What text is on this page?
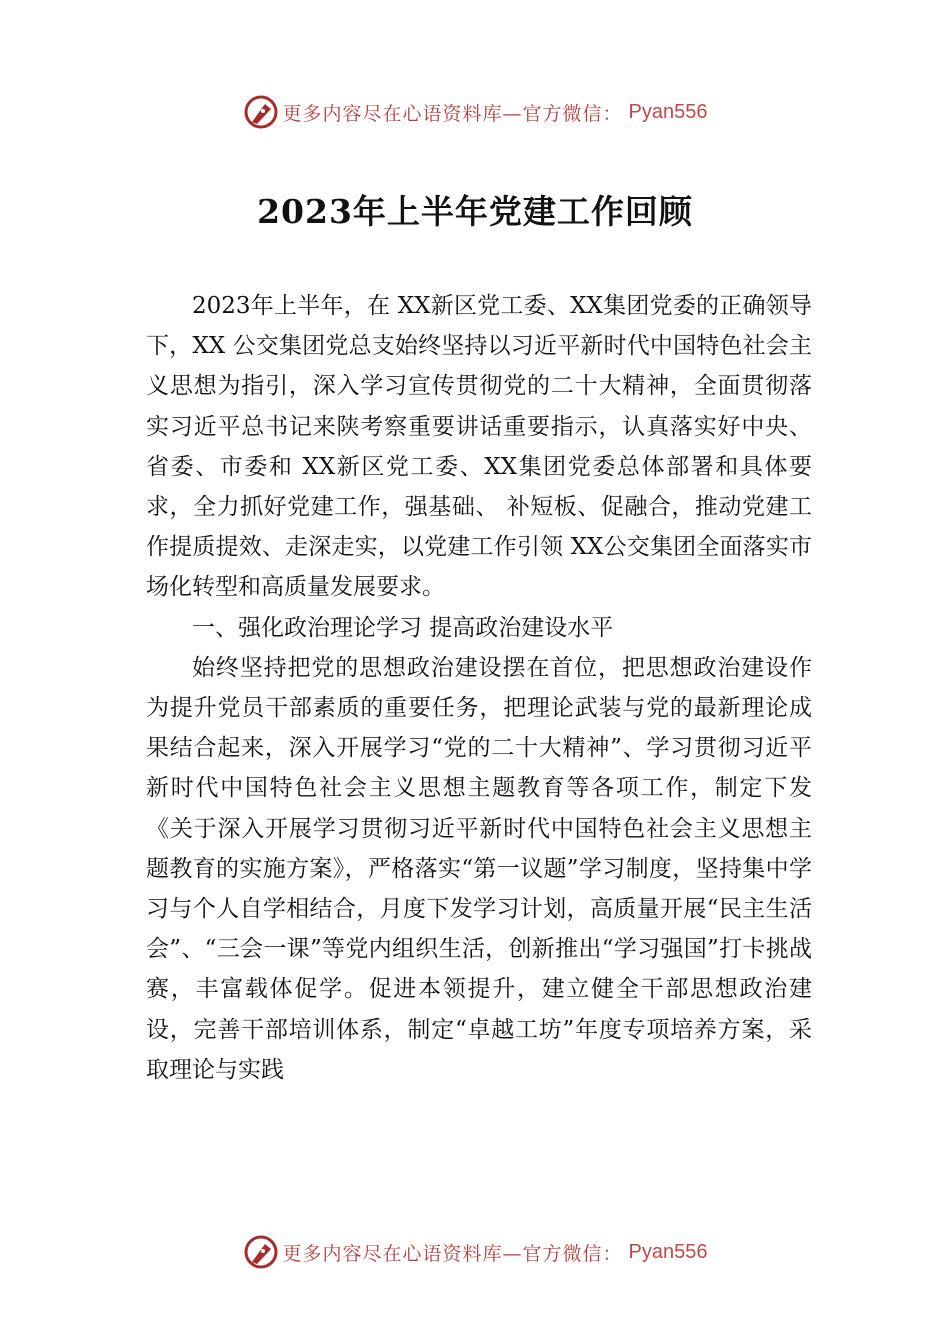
更多内容尽在心语资料库—官方微信： Pyan556
2023年上半年党建工作回顾

2023年上半年，在 XX新区党工委、XX集团党委的正确领导下，XX 公交集团党总支始终坚持以习近平新时代中国特色社会主义思想为指引，深入学习宣传贯彻党的二十大精神，全面贯彻落实习近平总书记来陕考察重要讲话重要指示，认真落实好中央、省委、市委和 XX新区党工委、XX集团党委总体部署和具体要求，全力抓好党建工作，强基础、 补短板、促融合，推动党建工作提质提效、走深走实，以党建工作引领 XX公交集团全面落实市场化转型和高质量发展要求。

一、强化政治理论学习 提高政治建设水平

始终坚持把党的思想政治建设摆在首位，把思想政治建设作为提升党员干部素质的重要任务，把理论武装与党的最新理论成果结合起来，深入开展学习“党的二十大精神”、学习贯彻习近平新时代中国特色社会主义思想主题教育等各项工作，制定下发《关于深入开展学习贯彻习近平新时代中国特色社会主义思想主题教育的实施方案》，严格落实“第一议题”学习制度，坚持集中学习与个人自学相结合，月度下发学习计划，高质量开展“民主生活会”、“三会一课”等党内组织生活，创新推出“学习强国”打卡挑战赛，丰富载体促学。促进本领提升，建立健全干部思想政治建设，完善干部培训体系，制定“卓越工坊”年度专项培养方案，采取理论与实践

更多内容尽在心语资料库—官方微信： Pyan556
